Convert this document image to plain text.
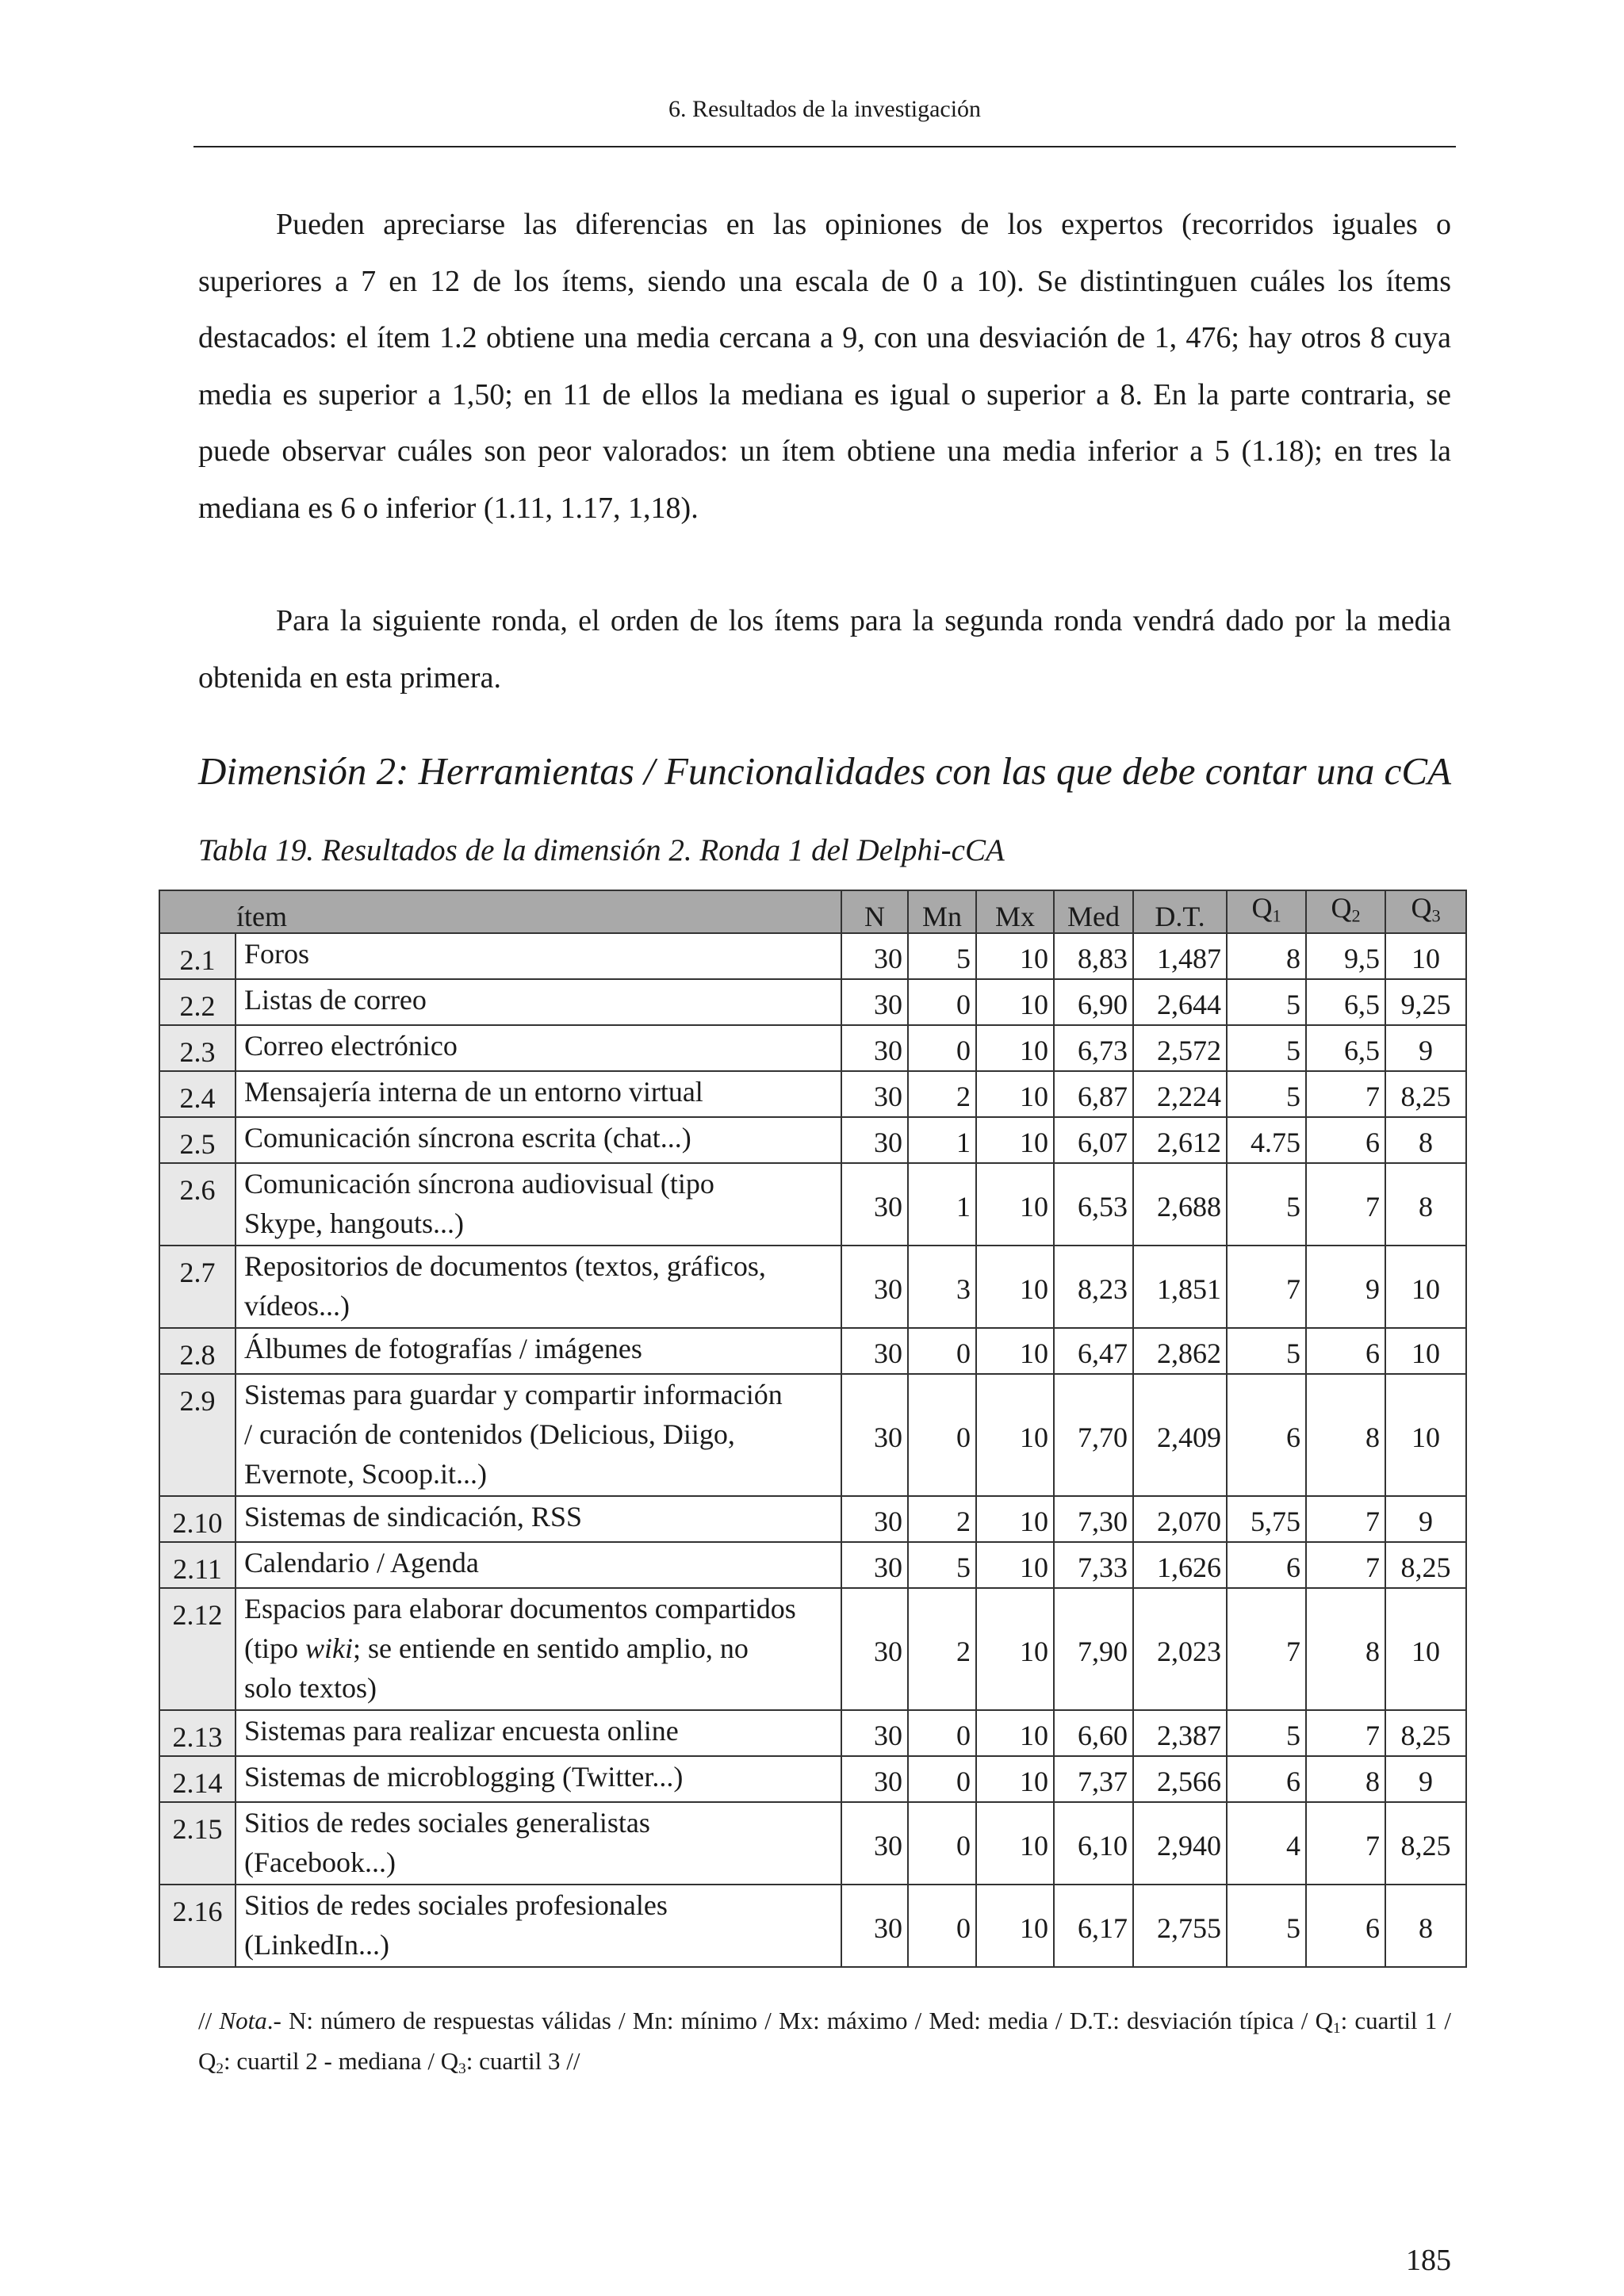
6. Resultados de la investigación

Pueden apreciarse las diferencias en las opiniones de los expertos (recorridos iguales o superiores a 7 en 12 de los ítems, siendo una escala de 0 a 10). Se distintinguen cuáles los ítems destacados: el ítem 1.2 obtiene una media cercana a 9, con una desviación de 1, 476; hay otros 8 cuya media es superior a 1,50; en 11 de ellos la mediana es igual o superior a 8. En la parte contraria, se puede observar cuáles son peor valorados: un ítem obtiene una media inferior a 5 (1.18); en tres la mediana es 6 o inferior (1.11, 1.17, 1,18).

Para la siguiente ronda, el orden de los ítems para la segunda ronda vendrá dado por la media obtenida en esta primera.

Dimensión 2: Herramientas / Funcionalidades con las que debe contar una cCA
Tabla 19. Resultados de la dimensión 2. Ronda 1 del Delphi-cCA
ítem		N	Mn	Mx	Med	D.T.	$Q_1$	$Q_2$	$Q_3$
2.1	Foros	30	5	10	8,83	1,487	8	9,5	10
2.2	Listas de correo	30	0	10	6,90	2,644	5	6,5	9,25
2.3	Correo electrónico	30	0	10	6,73	2,572	5	6,5	9
2.4	Mensajería interna de un entorno virtual	30	2	10	6,87	2,224	5	7	8,25
2.5	Comunicación síncrona escrita (chat...)	30	1	10	6,07	2,612	4.75	6	8
2.6	Comunicación síncrona audiovisual (tipo
Skype, hangouts...)	30	1	10	6,53	2,688	5	7	8
2.7	Repositorios de documentos (textos, gráficos,
vídeos...)	30	3	10	8,23	1,851	7	9	10
2.8	Álbumes de fotografías / imágenes	30	0	10	6,47	2,862	5	6	10
2.9	Sistemas para guardar y compartir información
/ curación de contenidos (Delicious, Diigo,
Evernote, Scoop.it...)	30	0	10	7,70	2,409	6	8	10
2.10	Sistemas de sindicación, RSS	30	2	10	7,30	2,070	5,75	7	9
2.11	Calendario / Agenda	30	5	10	7,33	1,626	6	7	8,25
2.12	Espacios para elaborar documentos compartidos
(tipo wiki; se entiende en sentido amplio, no
solo textos)	30	2	10	7,90	2,023	7	8	10
2.13	Sistemas para realizar encuesta online	30	0	10	6,60	2,387	5	7	8,25
2.14	Sistemas de microblogging (Twitter...)	30	0	10	7,37	2,566	6	8	9
2.15	Sitios de redes sociales generalistas
(Facebook...)	30	0	10	6,10	2,940	4	7	8,25
2.16	Sitios de redes sociales profesionales
(LinkedIn...)	30	0	10	6,17	2,755	5	6	8

// Nota.- N: número de respuestas válidas / Mn: mínimo / Mx: máximo / Med: media / D.T.: desviación típica / $Q_1$: cuartil $1 / Q_2$: cuartil 2 - mediana / $Q_3$: cuartil 3 //

185
